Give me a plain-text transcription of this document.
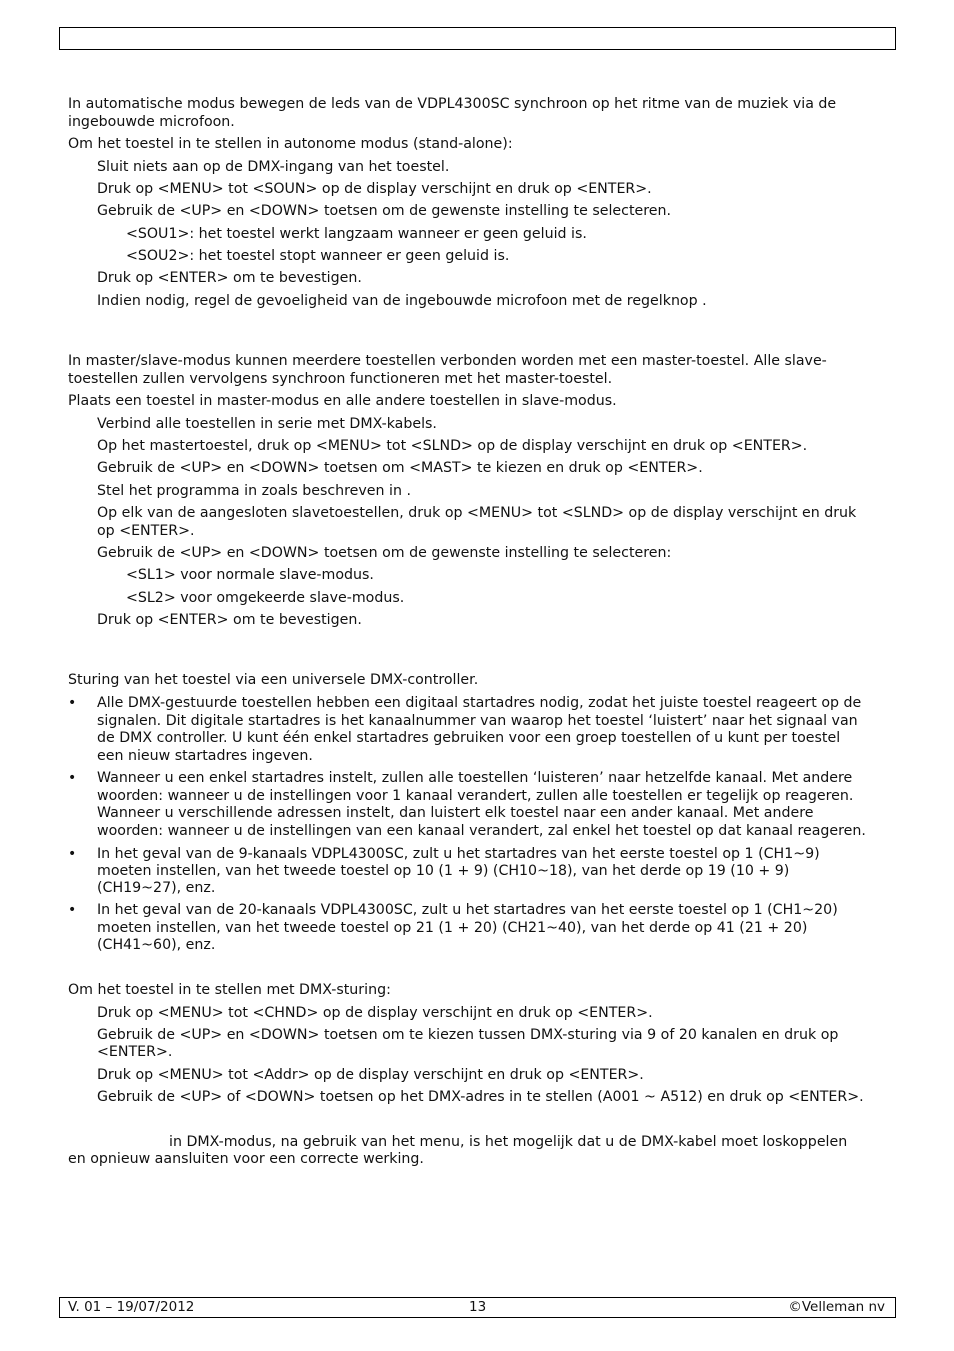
In automatische modus bewegen de leds van de VDPL4300SC synchroon op het ritme van de muziek via de
ingebouwde microfoon.
Om het toestel in te stellen in autonome modus (stand-alone):
Sluit niets aan op de DMX-ingang van het toestel.
Druk op <MENU> tot <SOUN> op de display verschijnt en druk op <ENTER>.
Gebruik de <UP> en <DOWN> toetsen om de gewenste instelling te selecteren.
<SOU1>: het toestel werkt langzaam wanneer er geen geluid is.
<SOU2>: het toestel stopt wanneer er geen geluid is.
Druk op <ENTER> om te bevestigen.
Indien nodig, regel de gevoeligheid van de ingebouwde microfoon met de regelknop .
In master/slave-modus kunnen meerdere toestellen verbonden worden met een master-toestel. Alle slave-
toestellen zullen vervolgens synchroon functioneren met het master-toestel.
Plaats een toestel in master-modus en alle andere toestellen in slave-modus.
Verbind alle toestellen in serie met DMX-kabels.
Op het mastertoestel, druk op <MENU> tot <SLND> op de display verschijnt en druk op <ENTER>.
Gebruik de <UP> en <DOWN> toetsen om <MAST> te kiezen en druk op <ENTER>.
Stel het programma in zoals beschreven in .
Op elk van de aangesloten slavetoestellen, druk op <MENU> tot <SLND> op de display verschijnt en druk
op <ENTER>.
Gebruik de <UP> en <DOWN> toetsen om de gewenste instelling te selecteren:
<SL1> voor normale slave-modus.
<SL2> voor omgekeerde slave-modus.
Druk op <ENTER> om te bevestigen.
Sturing van het toestel via een universele DMX-controller.
• Alle DMX-gestuurde toestellen hebben een digitaal startadres nodig, zodat het juiste toestel reageert op de
signalen. Dit digitale startadres is het kanaalnummer van waarop het toestel ‘luistert’ naar het signaal van
de DMX controller. U kunt één enkel startadres gebruiken voor een groep toestellen of u kunt per toestel
een nieuw startadres ingeven.
• Wanneer u een enkel startadres instelt, zullen alle toestellen ‘luisteren’ naar hetzelfde kanaal. Met andere
woorden: wanneer u de instellingen voor 1 kanaal verandert, zullen alle toestellen er tegelijk op reageren.
Wanneer u verschillende adressen instelt, dan luistert elk toestel naar een ander kanaal. Met andere
woorden: wanneer u de instellingen van een kanaal verandert, zal enkel het toestel op dat kanaal reageren.
• In het geval van de 9-kanaals VDPL4300SC, zult u het startadres van het eerste toestel op 1 (CH1~9)
moeten instellen, van het tweede toestel op 10 (1 + 9) (CH10~18), van het derde op 19 (10 + 9)
(CH19~27), enz.
• In het geval van de 20-kanaals VDPL4300SC, zult u het startadres van het eerste toestel op 1 (CH1~20)
moeten instellen, van het tweede toestel op 21 (1 + 20) (CH21~40), van het derde op 41 (21 + 20)
(CH41~60), enz.
Om het toestel in te stellen met DMX-sturing:
Druk op <MENU> tot <CHND> op de display verschijnt en druk op <ENTER>.
Gebruik de <UP> en <DOWN> toetsen om te kiezen tussen DMX-sturing via 9 of 20 kanalen en druk op
<ENTER>.
Druk op <MENU> tot <Addr> op de display verschijnt en druk op <ENTER>.
Gebruik de <UP> of <DOWN> toetsen op het DMX-adres in te stellen (A001 ~ A512) en druk op <ENTER>.
in DMX-modus, na gebruik van het menu, is het mogelijk dat u de DMX-kabel moet loskoppelen
en opnieuw aansluiten voor een correcte werking.
V. 01 – 19/07/2012	13	©Velleman nv
